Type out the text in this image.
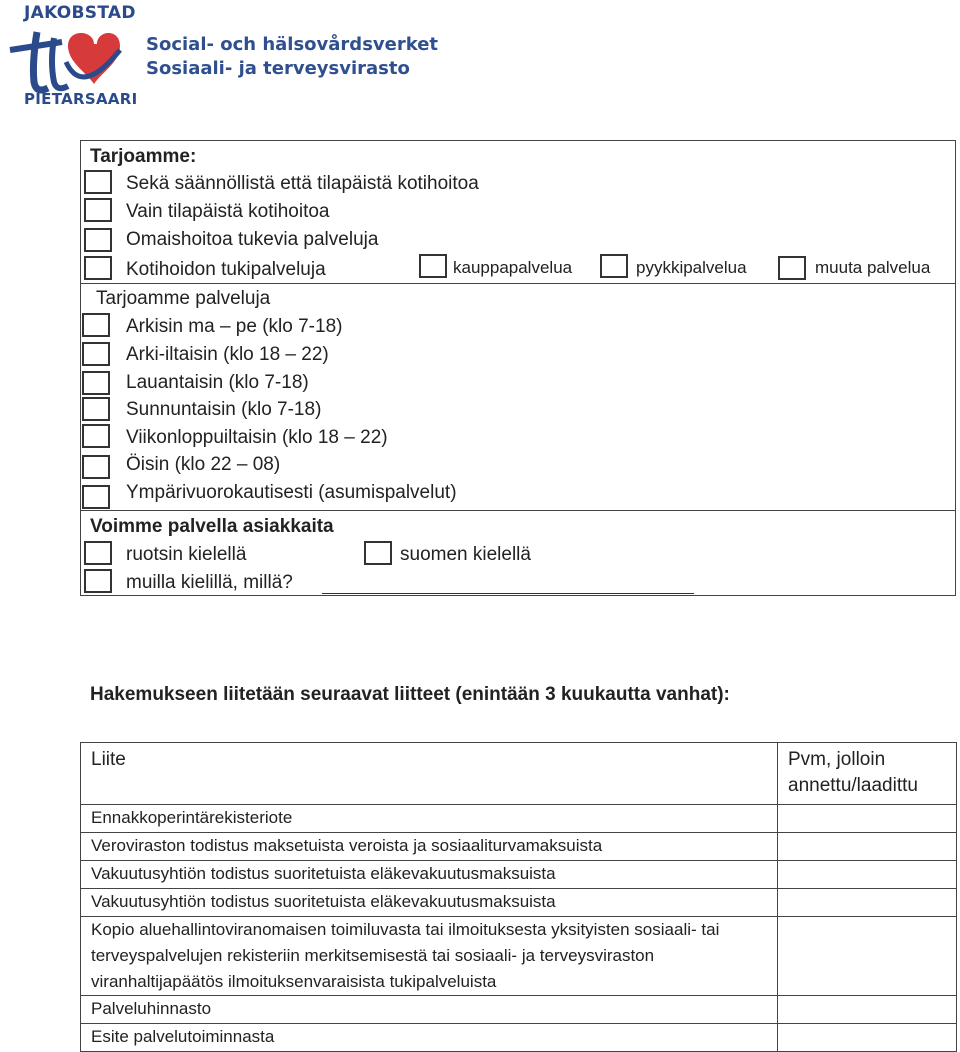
JAKOBSTAD
PIETARSAARI
Social- och hälsovårdsverket
Sosiaali- ja terveysvirasto
Tarjoamme:
Sekä säännöllistä että tilapäistä kotihoitoa
Vain tilapäistä kotihoitoa
Omaishoitoa tukevia palveluja
Kotihoidon tukipalveluja	kauppapalvelua	pyykkipalvelua	muuta palvelua
Tarjoamme palveluja
Arkisin ma – pe (klo 7-18)
Arki-iltaisin (klo 18 – 22)
Lauantaisin (klo 7-18)
Sunnuntaisin (klo 7-18)
Viikonloppuiltaisin (klo 18 – 22)
Öisin (klo 22 – 08)
Ympärivuorokautisesti (asumispalvelut)
Voimme palvella asiakkaita
ruotsin kielellä	suomen kielellä
muilla kielillä, millä?
Hakemukseen liitetään seuraavat liitteet (enintään 3 kuukautta vanhat):
Liite	Pvm, jolloin annettu/laadittu
Ennakkoperintärekisteriote	
Veroviraston todistus maksetuista veroista ja sosiaaliturvamaksuista	
Vakuutusyhtiön todistus suoritetuista eläkevakuutusmaksuista	
Vakuutusyhtiön todistus suoritetuista eläkevakuutusmaksuista	
Kopio aluehallintoviranomaisen toimiluvasta tai ilmoituksesta yksityisten sosiaali- tai terveyspalvelujen rekisteriin merkitsemisestä tai sosiaali- ja terveysviraston viranhaltijapäätös ilmoituksenvaraisista tukipalveluista	
Palveluhinnasto	
Esite palvelutoiminnasta	
